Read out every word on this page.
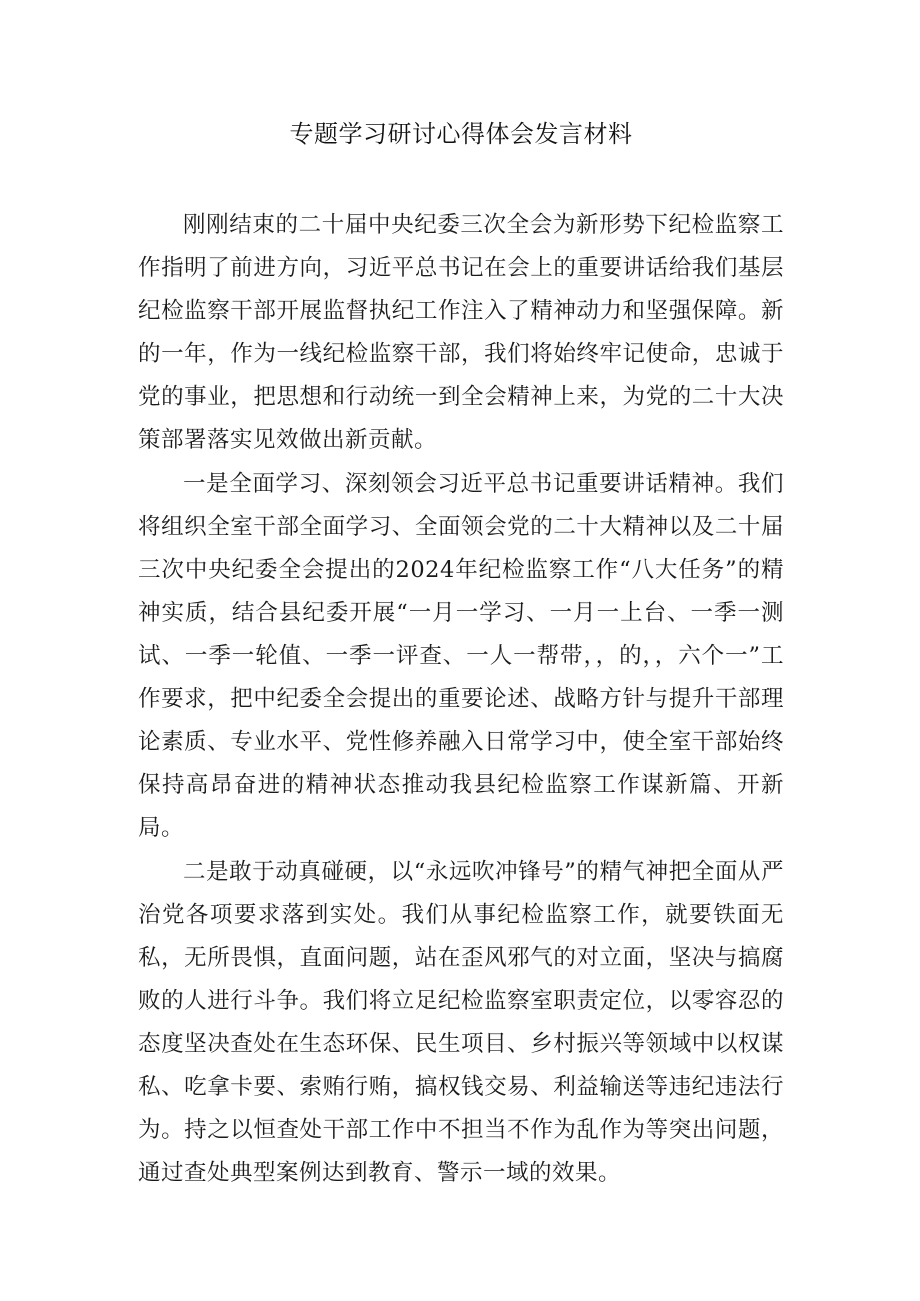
专题学习研讨心得体会发言材料

刚刚结束的二十届中央纪委三次全会为新形势下纪检监察工作指明了前进方向，习近平总书记在会上的重要讲话给我们基层纪检监察干部开展监督执纪工作注入了精神动力和坚强保障。新的一年，作为一线纪检监察干部，我们将始终牢记使命，忠诚于党的事业，把思想和行动统一到全会精神上来，为党的二十大决策部署落实见效做出新贡献。

一是全面学习、深刻领会习近平总书记重要讲话精神。我们将组织全室干部全面学习、全面领会党的二十大精神以及二十届三次中央纪委全会提出的2024年纪检监察工作“八大任务”的精神实质，结合县纪委开展“一月一学习、一月一上台、一季一测试、一季一轮值、一季一评查、一人一帮带，，的，，六个一”工作要求，把中纪委全会提出的重要论述、战略方针与提升干部理论素质、专业水平、党性修养融入日常学习中，使全室干部始终保持高昂奋进的精神状态推动我县纪检监察工作谋新篇、开新局。

二是敢于动真碰硬，以“永远吹冲锋号”的精气神把全面从严治党各项要求落到实处。我们从事纪检监察工作，就要铁面无私，无所畏惧，直面问题，站在歪风邪气的对立面，坚决与搞腐败的人进行斗争。我们将立足纪检监察室职责定位，以零容忍的态度坚决查处在生态环保、民生项目、乡村振兴等领域中以权谋私、吃拿卡要、索贿行贿，搞权钱交易、利益输送等违纪违法行为。持之以恒查处干部工作中不担当不作为乱作为等突出问题，通过查处典型案例达到教育、警示一域的效果。
